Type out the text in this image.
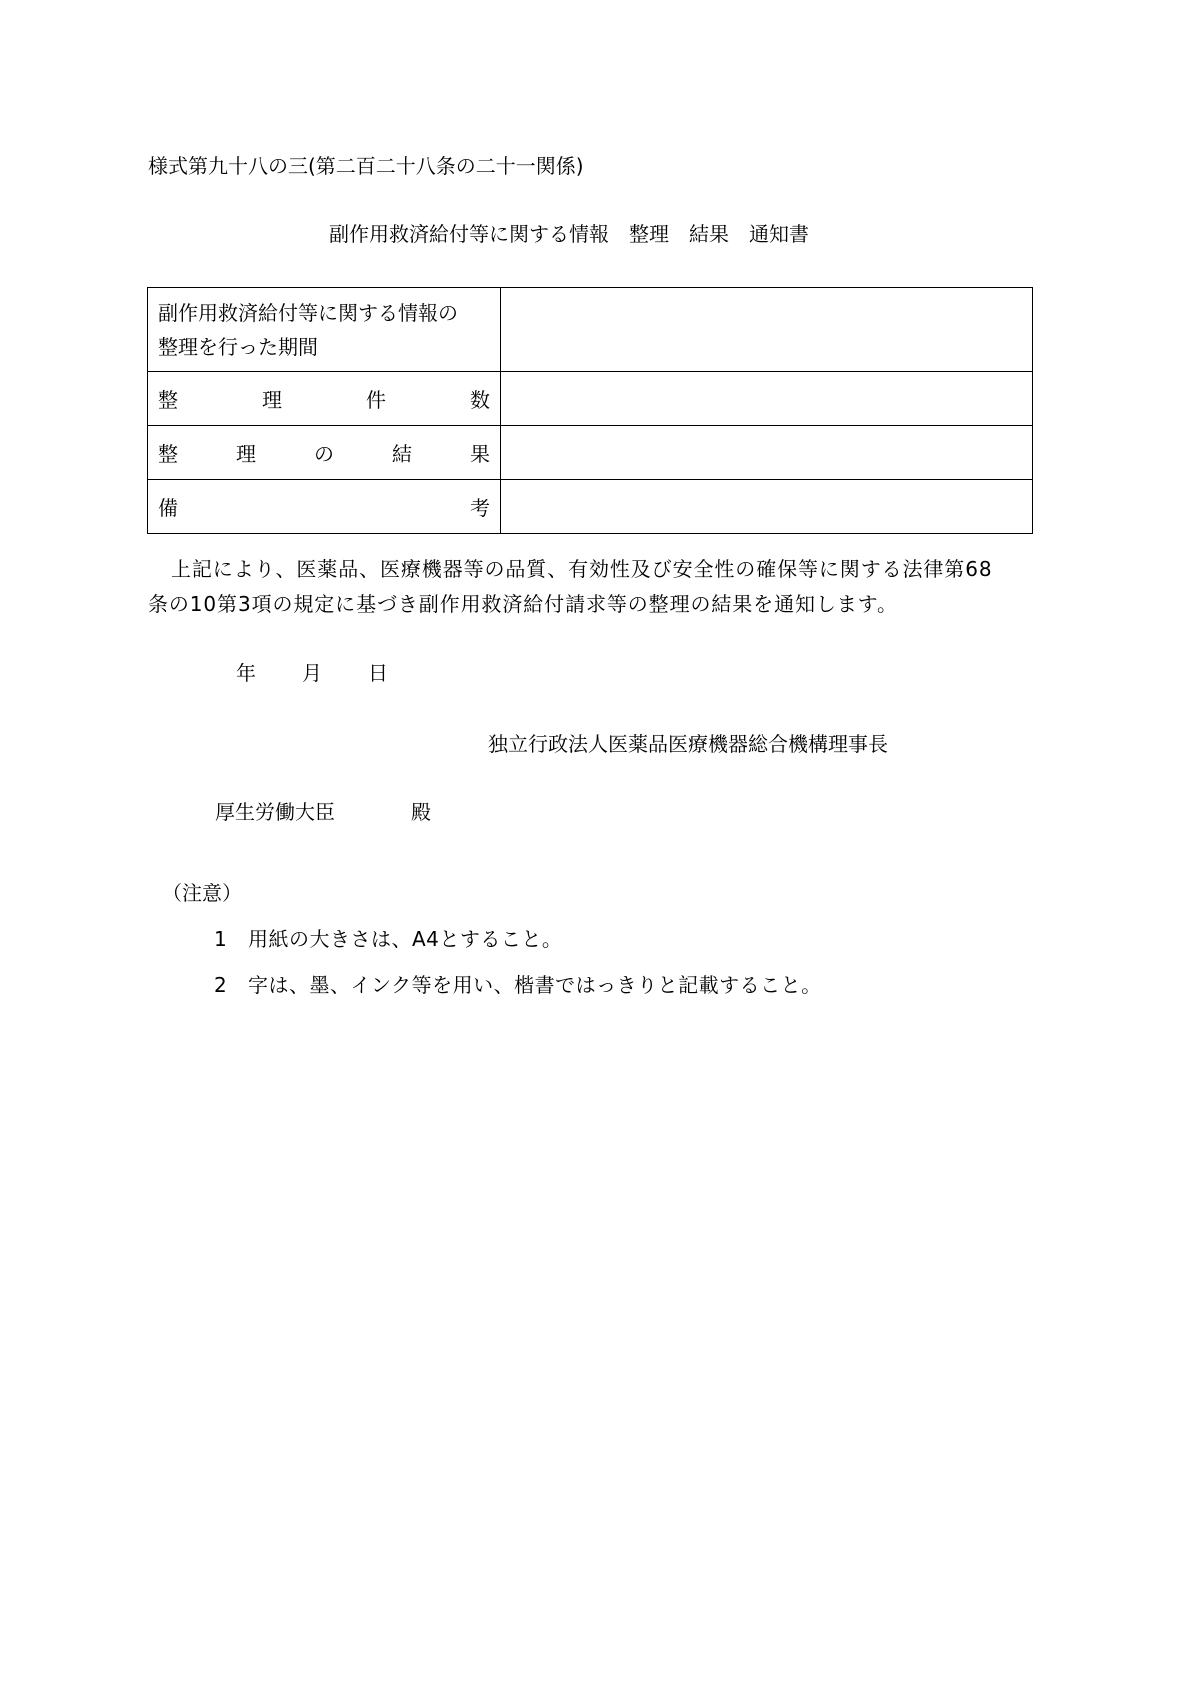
様式第九十八の三(第二百二十八条の二十一関係)
副作用救済給付等に関する情報　整理　結果　通知書
副作用救済給付等に関する情報の
整理を行った期間	

整 理 件 数	

整 理 の 結 果	

備 考	

上記により、医薬品、医療機器等の品質、有効性及び安全性の確保等に関する法律第68
条の10第3項の規定に基づき副作用救済給付請求等の整理の結果を通知します。
年 月 日
独立行政法人医薬品医療機器総合機構理事長
厚生労働大臣	殿
（注意）
1 用紙の大きさは、A4とすること。
2 字は、墨、インク等を用い、楷書ではっきりと記載すること。
